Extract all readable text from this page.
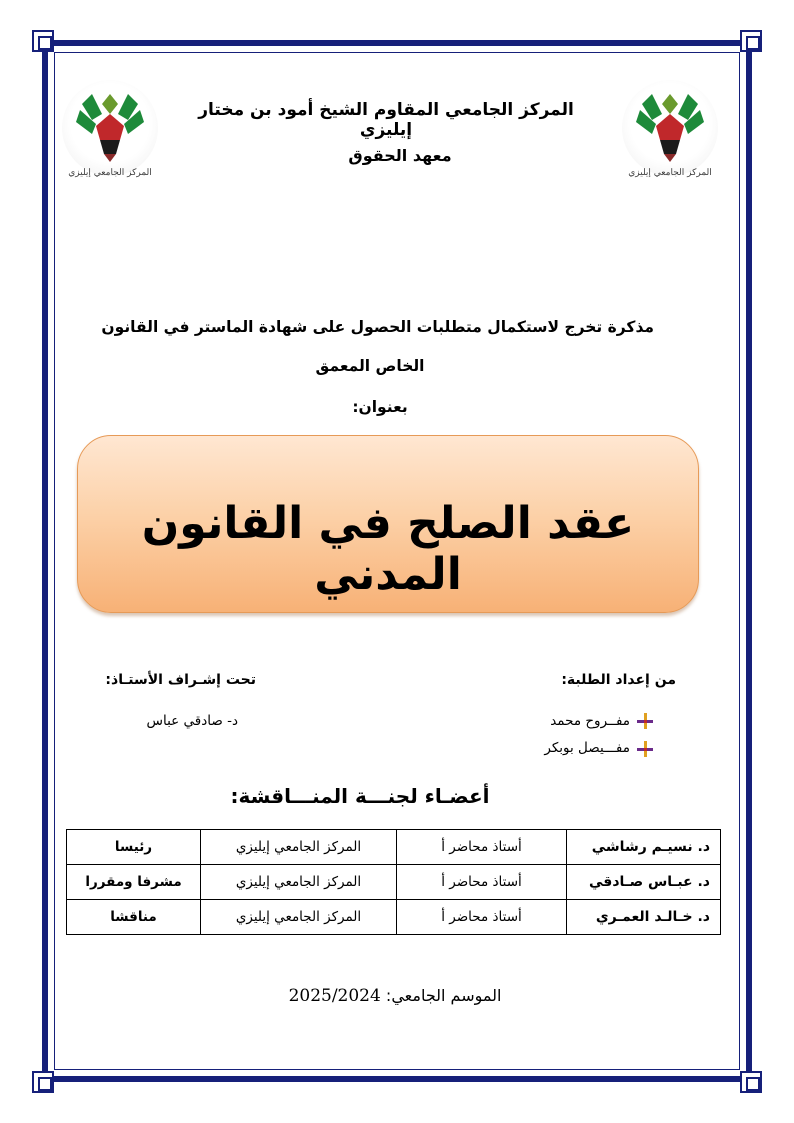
المركز الجامعي إيليزي	المركز الجامعي إيليزي
المركز الجامعي المقاوم الشيخ أمود بن مختار إيليزي
معهد الحقوق
مذكرة تخرج لاستكمال متطلبات الحصول على شهادة الماستر في القانون
الخاص المعمق
بعنوان:
عقد الصلح في القانون المدني
من إعداد الطلبة:
تحت إشـراف الأستـاذ:
مفــروح محمد
مفـــيصل بوبكر
د- صادقي عباس
أعضـاء لجنـــة المنـــاقشة:
د. نسيـم رشاشي	أستاذ محاضر أ	المركز الجامعي إيليزي	رئيسا
د. عبـاس صـادقي	أستاذ محاضر أ	المركز الجامعي إيليزي	مشرفا ومقررا
د. خـالـد العمـري	أستاذ محاضر أ	المركز الجامعي إيليزي	مناقشا
الموسم الجامعي: 2025/2024
